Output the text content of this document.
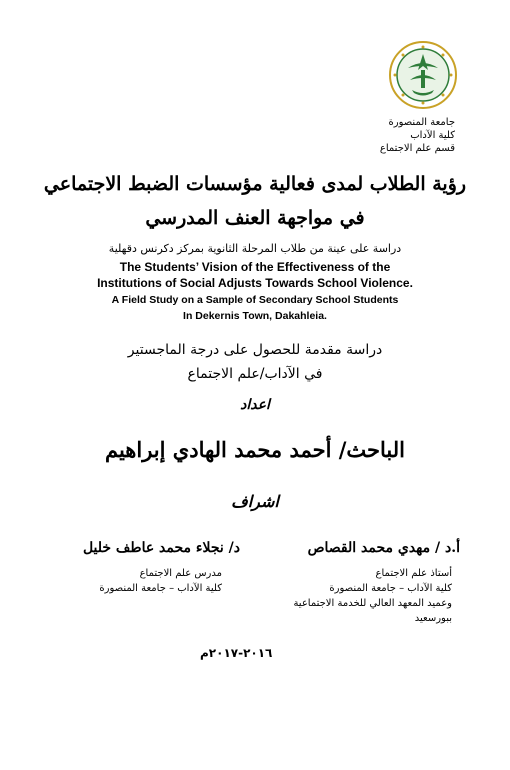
جامعة المنصورة
كلية الآداب
قسم علم الاجتماع
رؤية الطلاب لمدى فعالية مؤسسات الضبط الاجتماعي
في مواجهة العنف المدرسي
دراسة على عينة من طلاب المرحلة الثانوية بمركز دكرنس دقهلية
The Students’ Vision of the Effectiveness of the
Institutions of Social Adjusts Towards School Violence.
A Field Study on a Sample of Secondary School Students
In Dekernis Town, Dakahleia.
دراسة مقدمة للحصول على درجة الماجستير
في الآداب/علم الاجتماع
اعداد
الباحث/ أحمد محمد الهادي إبراهيم
اشراف
أ.د / مهدي محمد القصاص
أستاذ علم الاجتماع
كلية الآداب – جامعة المنصورة
وعميد المعهد العالي للخدمة الاجتماعية
ببورسعيد
د/ نجلاء محمد عاطف خليل
مدرس علم الاجتماع
كلية الآداب – جامعة المنصورة
٢٠١٦-٢٠١٧م
